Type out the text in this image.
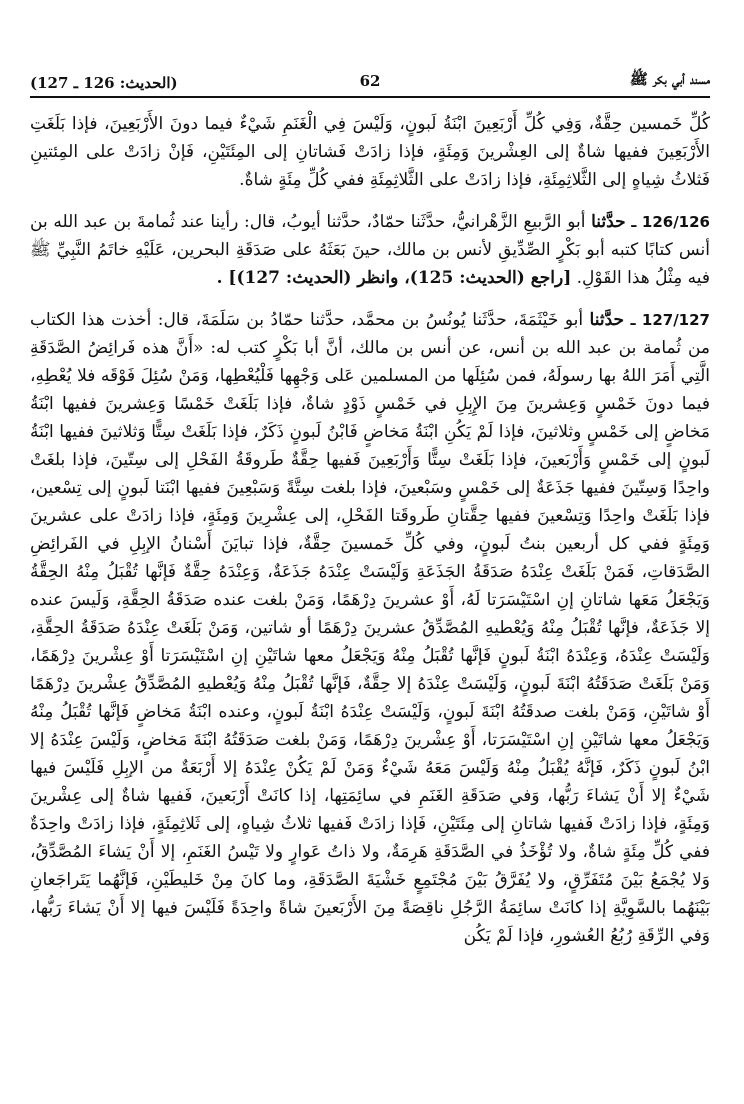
(الحديث: 126 ـ 127)	62	مسند أبي بكر ﷺ

كُلِّ خَمسين حِقَّةٌ، وَفِي كُلِّ أَرْبَعِينَ ابْنَةُ لَبونٍ، وَلَيْسَ فِي الْغَنَمِ شَيْءٌ فيما دونَ الأَرْبَعِينَ، فإذا بَلَغَتِ الأَرْبَعِينَ ففيها شاةٌ إلى العِشْرينَ وَمِئَةٍ، فإذا زادَتْ فَشاتانِ إلى المِئَتَيْنِ، فَإنْ زادَتْ على المِئتينِ فَثلاثُ شِياهٍ إلى الثَّلاثِمِئَةِ، فإذا زادَتْ على الثَّلاثِمِئَةِ ففي كُلِّ مِئَةٍ شاةٌ.

126/126 ـ حدَّثنا أبو الرَّبيعِ الزَّهْرانيُّ، حدَّثَنا حمّادٌ، حدَّثنا أيوبُ، قال: رأينا عند ثُمامةَ بن عبد الله بن أنس كتابًا كتبه أبو بَكْرٍ الصِّدِّيقِ لأنس بن مالك، حينَ بَعَثَهُ على صَدَقَةِ البحرين، عَلَيْهِ خاتَمُ النَّبِيِّ ﷺ فيه مِثْلُ هذا القَوْلِ. [راجع (الحديث: 125)، وانظر (الحديث: 127)] .

127/127 ـ حدَّثنا أبو خَيْثَمَةَ، حدَّثَنا يُونُسُ بن محمَّد، حدَّثنا حمّادُ بن سَلَمَةَ، قال: أخذت هذا الكتاب من ثُمامة بن عبد الله بن أنس، عن أنس بن مالك، أنَّ أبا بَكْرٍ كتب له: «أَنَّ هذه فَرائِضُ الصَّدَقَةِ الَّتِي أَمَرَ اللهُ بها رسولَهُ، فمن سُئِلَها من المسلمين عَلى وَجْهِها فَلْيُعْطِها، وَمَنْ سُئِلَ فَوْقَه فلا يُعْطِهِ، فيما دونَ خَمْسٍ وَعِشرينَ مِنَ الإِبِلِ في خَمْسٍ ذَوْدٍ شاةٌ، فإذا بَلَغَتْ خَمْسًا وَعِشرينَ ففيها ابْنَةُ مَخاضٍ إلى خَمْسٍ وثلاثينَ، فإذا لَمْ يَكُنِ ابْنَةُ مَخاضٍ فَابْنُ لَبونٍ ذَكَرٌ، فإذا بَلَغَتْ سِتًّا وَثلاثينَ ففيها ابْنَةُ لَبونٍ إلى خَمْسٍ وَأَرْبَعينَ، فإذا بَلَغَتْ سِتًّا وَأَرْبَعِينَ فَفيها حِقَّةٌ طَروقَةُ الفَحْلِ إلى سِتّينَ، فإذا بلغَتْ واحِدًا وَسِتّينَ ففيها جَذَعَةٌ إلى خَمْسٍ وسَبْعينَ، فإذا بلغت سِتَّةً وَسَبْعِينَ ففيها ابْنَتا لَبونٍ إلى تِسْعين، فإذا بَلَغَتْ واحِدًا وَتِسْعينَ ففيها حِقَّتانِ طَروقَتا الفَحْلِ، إلى عِشْرِينَ وَمِئَةٍ، فإذا زادَتْ على عشرينَ وَمِئَةٍ ففي كل أربعين بنتُ لَبونٍ، وفي كُلِّ خَمسينَ حِقَّةٌ، فإذا تبايَنَ أَسْنانُ الإبِلِ في الفَرائِضِ الصَّدَقاتِ، فَمَنْ بَلَغَتْ عِنْدَهُ صَدَقَةُ الجَذَعَةِ وَلَيْسَتْ عِنْدَهُ جَذَعَةٌ، وَعِنْدَهُ حِقَّةٌ فَإنَّها تُقْبَلُ مِنْهُ الحِقَّةُ وَيَجْعَلُ مَعَها شاتانِ إنِ اسْتَيْسَرَتا لَهُ، أَوْ عشرينَ دِرْهَمًا، وَمَنْ بلغت عنده صَدَقَةُ الحِقَّةِ، وَلَيسَ عنده إلا جَذَعَةٌ، فإنَّها تُقْبَلُ مِنْهُ وَيُعْطيهِ المُصَّدِّقُ عشرينَ دِرْهَمًا أو شاتين، وَمَنْ بَلَغَتْ عِنْدَهُ صَدَقَةُ الحِقَّةِ، وَلَيْسَتْ عِنْدَهُ، وَعِنْدَهُ ابْنَةُ لَبونٍ فَإنَّها تُقْبَلُ مِنْهُ وَيَجْعَلُ معها شاتَيْنِ إنِ اسْتَيْسَرَتا أَوْ عِشْرينَ دِرْهَمًا، وَمَنْ بَلَغَتْ صَدَقَتُهُ ابْنَةَ لَبونٍ، وَلَيْسَتْ عِنْدَهُ إلا حِقَّةٌ، فَإنَّها تُقْبَلُ مِنْهُ وَيُعْطيهِ المُصَّدِّقُ عِشْرينَ دِرْهَمًا أَوْ شاتَيْنِ، وَمَنْ بلغت صدقَتُهُ ابْنَةَ لَبونٍ، وَلَيْسَتْ عِنْدَهُ ابْنَةُ لَبونٍ، وعنده ابْنَةُ مَخاضٍ فَإنَّها تُقْبَلُ مِنْهُ وَيَجْعَلُ معها شاتَيْنِ إنِ اسْتَيْسَرَتا، أَوْ عِشْرينَ دِرْهَمًا، وَمَنْ بلغت صَدَقَتُهُ ابْنَةَ مَخاضٍ، وَلَيْسَ عِنْدَهُ إلا ابْنُ لَبونٍ ذَكَرٌ، فَإنَّهُ يُقْبَلُ مِنْهُ وَلَيْسَ مَعَهُ شَيْءٌ وَمَنْ لَمْ يَكُنْ عِنْدَهُ إلا أَرْبَعَةٌ من الإبِلِ فَلَيْسَ فيها شَيْءٌ إلا أَنْ يَشاءَ رَبُّها، وَفي صَدَقَةِ الغَنَمِ في سائِمَتِها، إذا كانَتْ أَرْبَعينَ، فَفيها شاةٌ إلى عِشْرينَ وَمِئَةٍ، فإذا زادَتْ فَفيها شاتانِ إلى مِئَتَيْنِ، فَإذا زادَتْ فَفيها ثلاثُ شِياهٍ، إلى ثَلاثِمِئَةٍ، فإذا زادَتْ واحِدَةٌ ففي كُلِّ مِئَةٍ شاةٌ، ولا تُؤْخَذُ في الصَّدَقَةِ هَرِمَةٌ، ولا ذاتُ عَوارٍ ولا تَيْسُ الغَنَمِ، إلا أَنْ يَشاءَ المُصَّدِّقُ، وَلا يُجْمَعُ بَيْنَ مُتَفَرِّقٍ، ولا يُفَرَّقُ بَيْنَ مُجْتَمِعٍ خَشْيَةَ الصَّدَقَةِ، وما كانَ مِنْ خَليطَيْنِ، فَإنَّهُما يَتَراجَعانِ بَيْنَهُما بالسَّوِيَّةِ إذا كانَتْ سائِمَةُ الرَّجُلِ ناقِصَةً مِنَ الأَرْبَعينَ شاةً واحِدَةً فَلَيْسَ فيها إلا أَنْ يَشاءَ رَبُّها، وَفي الرِّقَةِ رُبُعُ العُشورِ، فإذا لَمْ يَكُن
